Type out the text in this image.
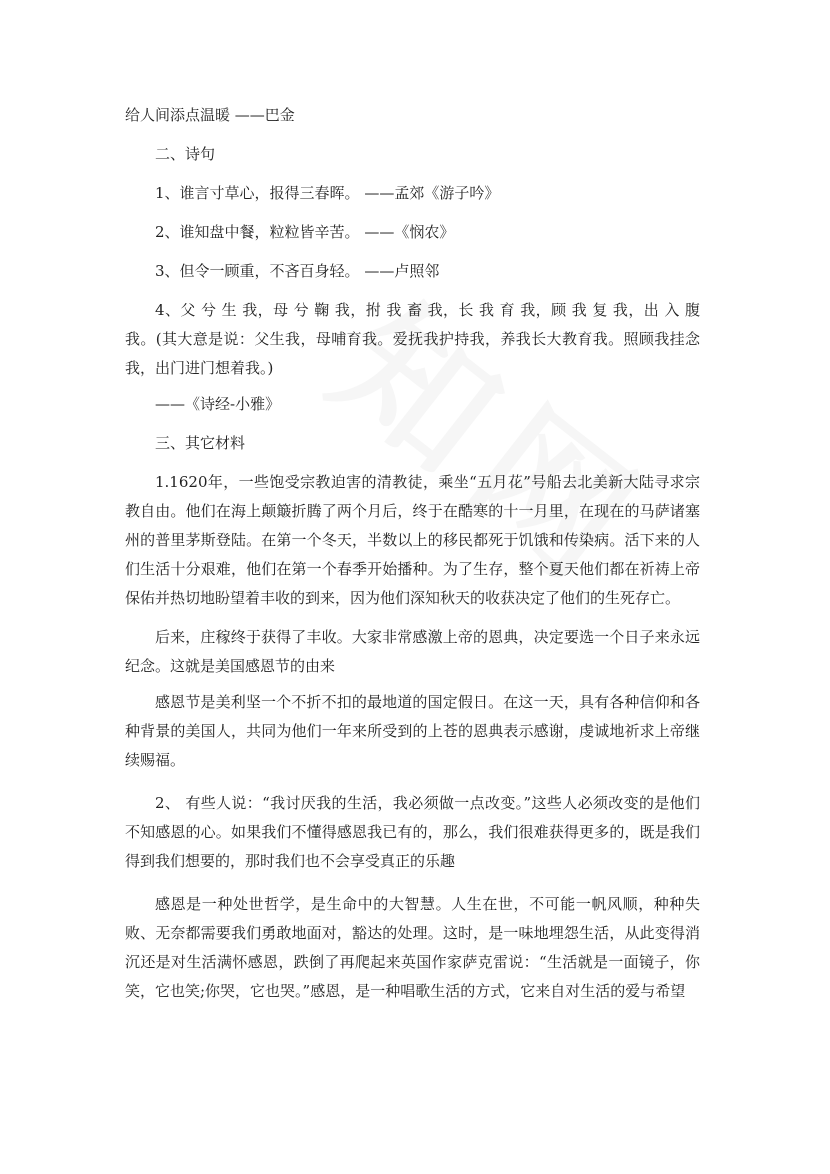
给人间添点温暖 ——巴金

二、诗句

1、谁言寸草心，报得三春晖。 ——孟郊《游子吟》

2、谁知盘中餐，粒粒皆辛苦。 ——《悯农》

3、但令一顾重，不吝百身轻。 ——卢照邻

4、父 兮 生 我，母 兮 鞠 我，拊 我 畜 我，长 我 育 我，顾 我 复 我，出 入 腹 我。(其大意是说：父生我，母哺育我。爱抚我护持我，养我长大教育我。照顾我挂念我，出门进门想着我。)

——《诗经-小雅》

三、其它材料

1.1620年，一些饱受宗教迫害的清教徒，乘坐“五月花”号船去北美新大陆寻求宗教自由。他们在海上颠簸折腾了两个月后，终于在酷寒的十一月里，在现在的马萨诸塞州的普里茅斯登陆。在第一个冬天，半数以上的移民都死于饥饿和传染病。活下来的人们生活十分艰难，他们在第一个春季开始播种。为了生存，整个夏天他们都在祈祷上帝保佑并热切地盼望着丰收的到来，因为他们深知秋天的收获决定了他们的生死存亡。

后来，庄稼终于获得了丰收。大家非常感激上帝的恩典，决定要选一个日子来永远纪念。这就是美国感恩节的由来

感恩节是美利坚一个不折不扣的最地道的国定假日。在这一天，具有各种信仰和各种背景的美国人，共同为他们一年来所受到的上苍的恩典表示感谢，虔诚地祈求上帝继续赐福。

2、 有些人说：“我讨厌我的生活，我必须做一点改变。”这些人必须改变的是他们不知感恩的心。如果我们不懂得感恩我已有的，那么，我们很难获得更多的，既是我们得到我们想要的，那时我们也不会享受真正的乐趣

感恩是一种处世哲学，是生命中的大智慧。人生在世，不可能一帆风顺，种种失败、无奈都需要我们勇敢地面对，豁达的处理。这时，是一味地埋怨生活，从此变得消沉还是对生活满怀感恩，跌倒了再爬起来英国作家萨克雷说：“生活就是一面镜子，你笑，它也笑;你哭，它也哭。”感恩，是一种唱歌生活的方式，它来自对生活的爱与希望
